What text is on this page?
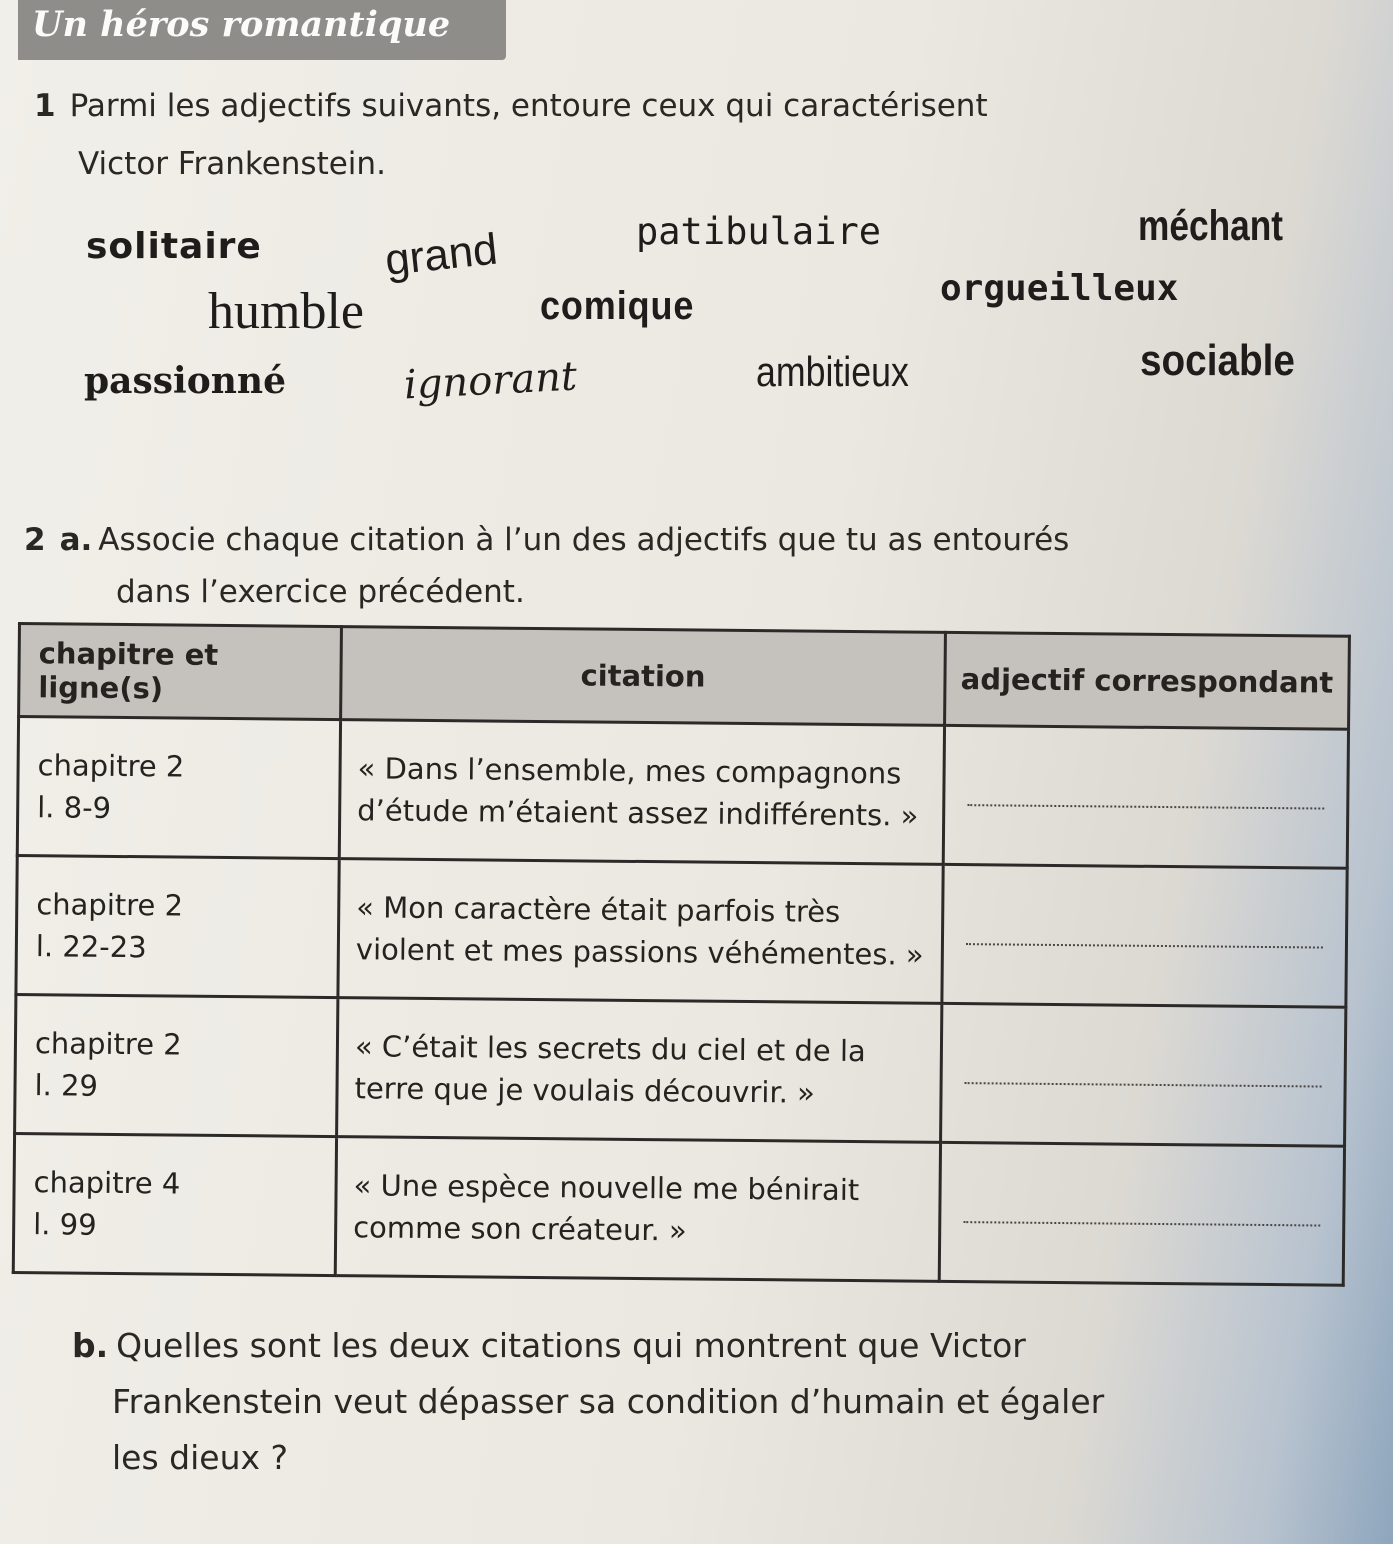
Un héros romantique
1 Parmi les adjectifs suivants, entoure ceux qui caractérisent
Victor Frankenstein.
solitaire	grand	patibulaire	méchant
humble	comique	orgueilleux
passionné	ignorant	ambitieux	sociable
2 a. Associe chaque citation à l’un des adjectifs que tu as entourés
dans l’exercice précédent.
chapitre et ligne(s)	citation	adjectif correspondant
chapitre 2
l. 8-9	« Dans l’ensemble, mes compagnons
d’étude m’étaient assez indifférents. »	

chapitre 2
l. 22-23	« Mon caractère était parfois très
violent et mes passions véhémentes. »	

chapitre 2
l. 29	« C’était les secrets du ciel et de la
terre que je voulais découvrir. »	

chapitre 4
l. 99	« Une espèce nouvelle me bénirait
comme son créateur. »	
b. Quelles sont les deux citations qui montrent que Victor
Frankenstein veut dépasser sa condition d’humain et égaler
les dieux ?
